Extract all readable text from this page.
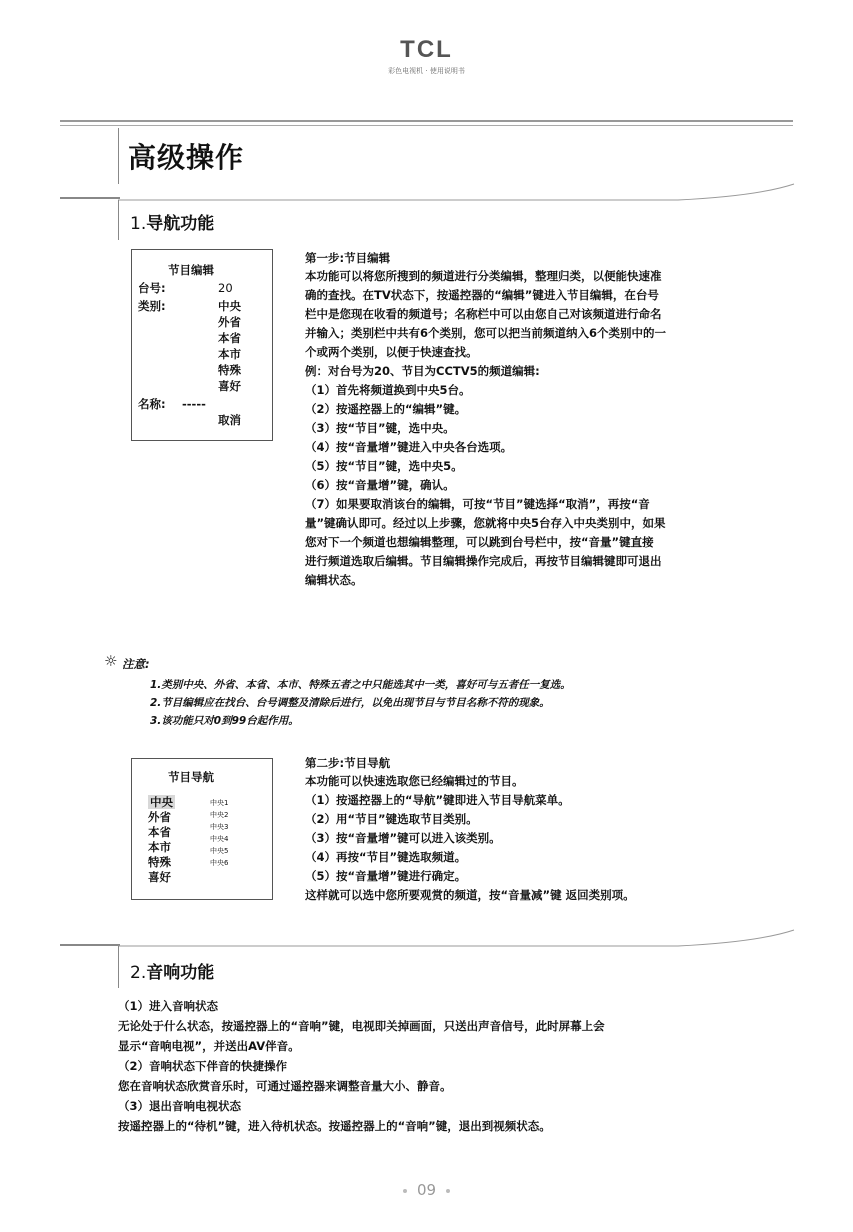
TCL
彩色电视机 · 使用说明书
高级操作
1.导航功能
节目编辑
台号:	20
类别:	中央
外省
本省
本市
特殊
喜好
名称: -----
取消
第一步:节目编辑

本功能可以将您所搜到的频道进行分类编辑，整理归类，以便能快速准

确的查找。在TV状态下，按遥控器的“编辑”键进入节目编辑，在台号

栏中是您现在收看的频道号；名称栏中可以由您自己对该频道进行命名

并输入；类别栏中共有6个类别，您可以把当前频道纳入6个类别中的一

个或两个类别，以便于快速查找。

例：对台号为20、节目为CCTV5的频道编辑:

（1）首先将频道换到中央5台。

（2）按遥控器上的“编辑”键。

（3）按“节目”键，选中央。

（4）按“音量增”键进入中央各台选项。

（5）按“节目”键，选中央5。

（6）按“音量增”键，确认。

（7）如果要取消该台的编辑，可按“节目”键选择“取消”，再按“音

量”键确认即可。经过以上步骤，您就将中央5台存入中央类别中，如果

您对下一个频道也想编辑整理，可以跳到台号栏中，按“音量”键直接

进行频道选取后编辑。节目编辑操作完成后，再按节目编辑键即可退出

编辑状态。

☼ 注意:
1.类别中央、外省、本省、本市、特殊五者之中只能选其中一类，喜好可与五者任一复选。
2.节目编辑应在找台、台号调整及清除后进行，以免出现节目与节目名称不符的现象。
3.该功能只对0到99台起作用。
节目导航
中央
外省
本省
本市
特殊
喜好
中央1
中央2
中央3
中央4
中央5
中央6
第二步:节目导航

本功能可以快速选取您已经编辑过的节目。

（1）按遥控器上的“导航”键即进入节目导航菜单。

（2）用“节目”键选取节目类别。

（3）按“音量增”键可以进入该类别。

（4）再按“节目”键选取频道。

（5）按“音量增”键进行确定。

这样就可以选中您所要观赏的频道，按“音量减”键 返回类别项。

2.音响功能

（1）进入音响状态

无论处于什么状态，按遥控器上的“音响”键，电视即关掉画面，只送出声音信号，此时屏幕上会

显示“音响电视”，并送出AV伴音。

（2）音响状态下伴音的快捷操作

您在音响状态欣赏音乐时，可通过遥控器来调整音量大小、静音。

（3）退出音响电视状态

按遥控器上的“待机”键，进入待机状态。按遥控器上的“音响”键，退出到视频状态。

09
